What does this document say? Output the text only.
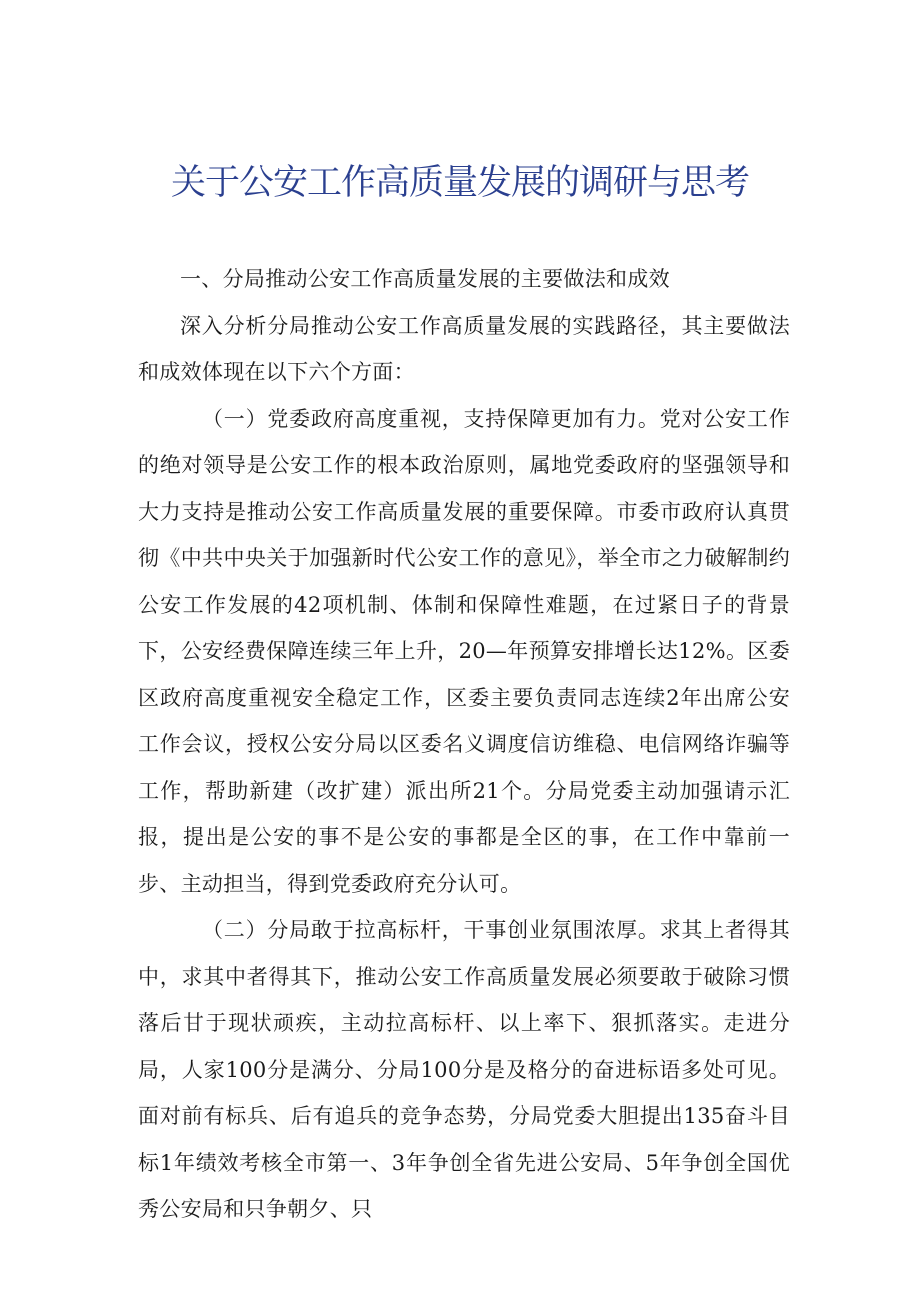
关于公安工作高质量发展的调研与思考

一、分局推动公安工作高质量发展的主要做法和成效

深入分析分局推动公安工作高质量发展的实践路径，其主要做法和成效体现在以下六个方面：

（一）党委政府高度重视，支持保障更加有力。党对公安工作的绝对领导是公安工作的根本政治原则，属地党委政府的坚强领导和大力支持是推动公安工作高质量发展的重要保障。市委市政府认真贯彻《中共中央关于加强新时代公安工作的意见》，举全市之力破解制约公安工作发展的42项机制、体制和保障性难题，在过紧日子的背景下，公安经费保障连续三年上升，20—年预算安排增长达12%。区委区政府高度重视安全稳定工作，区委主要负责同志连续2年出席公安工作会议，授权公安分局以区委名义调度信访维稳、电信网络诈骗等工作，帮助新建（改扩建）派出所21个。分局党委主动加强请示汇报，提出是公安的事不是公安的事都是全区的事，在工作中靠前一步、主动担当，得到党委政府充分认可。

（二）分局敢于拉高标杆，干事创业氛围浓厚。求其上者得其中，求其中者得其下，推动公安工作高质量发展必须要敢于破除习惯落后甘于现状顽疾，主动拉高标杆、以上率下、狠抓落实。走进分局，人家100分是满分、分局100分是及格分的奋进标语多处可见。面对前有标兵、后有追兵的竞争态势，分局党委大胆提出135奋斗目标1年绩效考核全市第一、3年争创全省先进公安局、5年争创全国优秀公安局和只争朝夕、只
